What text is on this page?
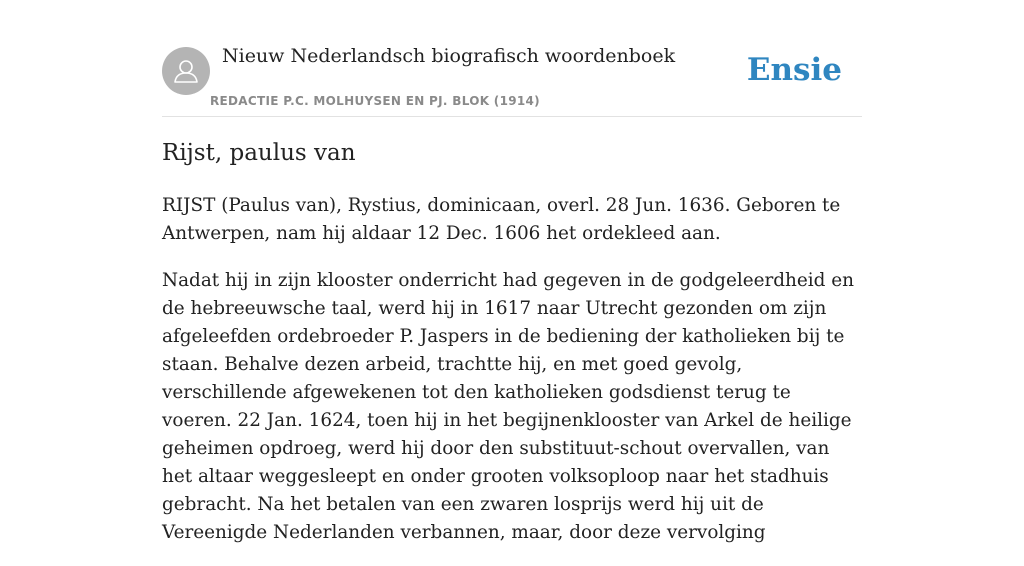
Nieuw Nederlandsch biografisch woordenboek
REDACTIE P.C. MOLHUYSEN EN PJ. BLOK (1914)
Ensie
Rijst, paulus van

RIJST (Paulus van), Rystius, dominicaan, overl. 28 Jun. 1636. Geboren te Antwerpen, nam hij aldaar 12 Dec. 1606 het ordekleed aan.

Nadat hij in zijn klooster onderricht had gegeven in de godgeleerdheid en de hebreeuwsche taal, werd hij in 1617 naar Utrecht gezonden om zijn afgeleefden ordebroeder P. Jaspers in de bediening der katholieken bij te staan. Behalve dezen arbeid, trachtte hij, en met goed gevolg, verschillende afgewekenen tot den katholieken godsdienst terug te voeren. 22 Jan. 1624, toen hij in het begijnenklooster van Arkel de heilige geheimen opdroeg, werd hij door den substituut-schout overvallen, van het altaar weggesleept en onder grooten volksoploop naar het stadhuis gebracht. Na het betalen van een zwaren losprijs werd hij uit de Vereenigde Nederlanden verbannen, maar, door deze vervolging
